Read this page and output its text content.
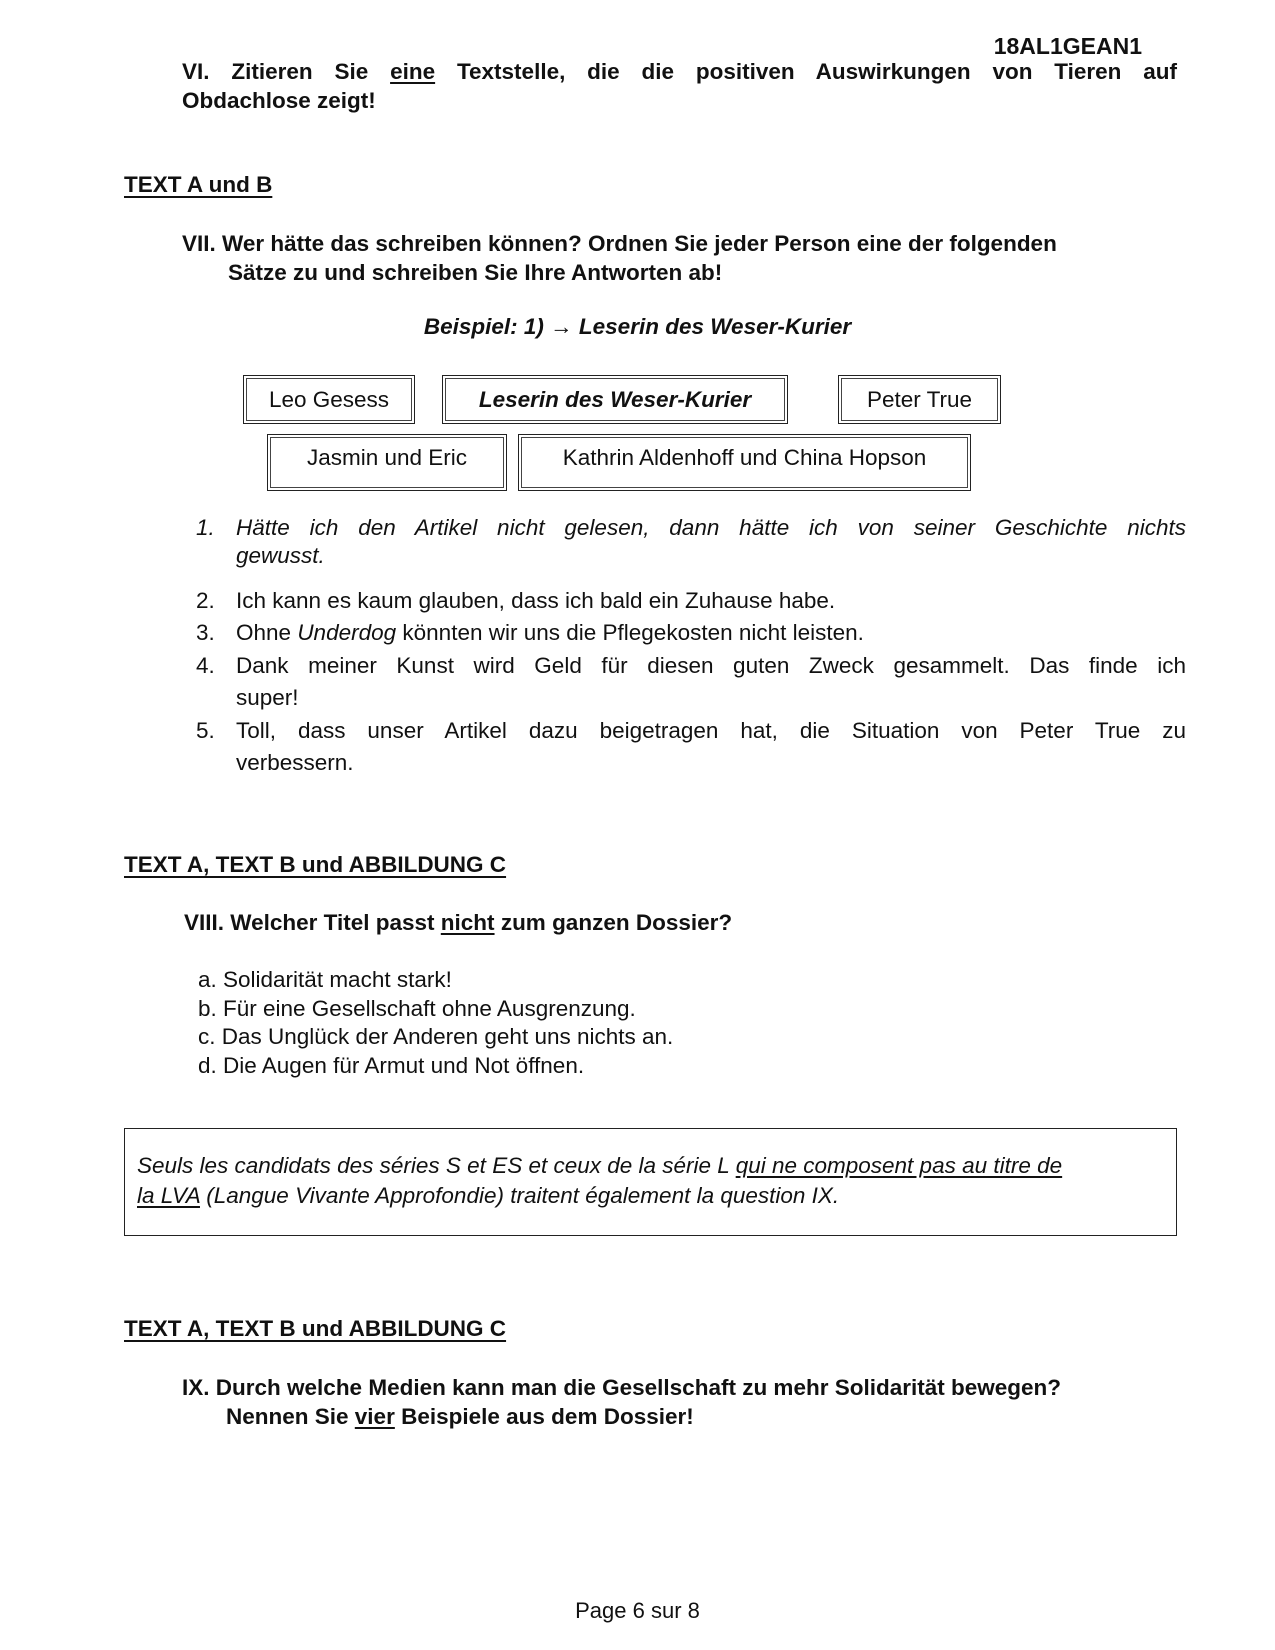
18AL1GEAN1
VI. Zitieren Sie eine Textstelle, die die positiven Auswirkungen von Tieren auf
Obdachlose zeigt!
TEXT A und B
VII. Wer hätte das schreiben können? Ordnen Sie jeder Person eine der folgenden
Sätze zu und schreiben Sie Ihre Antworten ab!
Beispiel: 1) → Leserin des Weser-Kurier
Leo Gesess	Leserin des Weser-Kurier	Peter True
Jasmin und Eric	Kathrin Aldenhoff und China Hopson
1. Hätte ich den Artikel nicht gelesen, dann hätte ich von seiner Geschichte nichts
gewusst.
2. Ich kann es kaum glauben, dass ich bald ein Zuhause habe.
3. Ohne Underdog könnten wir uns die Pflegekosten nicht leisten.
4. Dank meiner Kunst wird Geld für diesen guten Zweck gesammelt. Das finde ich
super!
5. Toll, dass unser Artikel dazu beigetragen hat, die Situation von Peter True zu
verbessern.
TEXT A, TEXT B und ABBILDUNG C
VIII. Welcher Titel passt nicht zum ganzen Dossier?
a. Solidarität macht stark!
b. Für eine Gesellschaft ohne Ausgrenzung.
c. Das Unglück der Anderen geht uns nichts an.
d. Die Augen für Armut und Not öffnen.
Seuls les candidats des séries S et ES et ceux de la série L qui ne composent pas au titre de
la LVA (Langue Vivante Approfondie) traitent également la question IX.
TEXT A, TEXT B und ABBILDUNG C
IX. Durch welche Medien kann man die Gesellschaft zu mehr Solidarität bewegen?
Nennen Sie vier Beispiele aus dem Dossier!
Page 6 sur 8
